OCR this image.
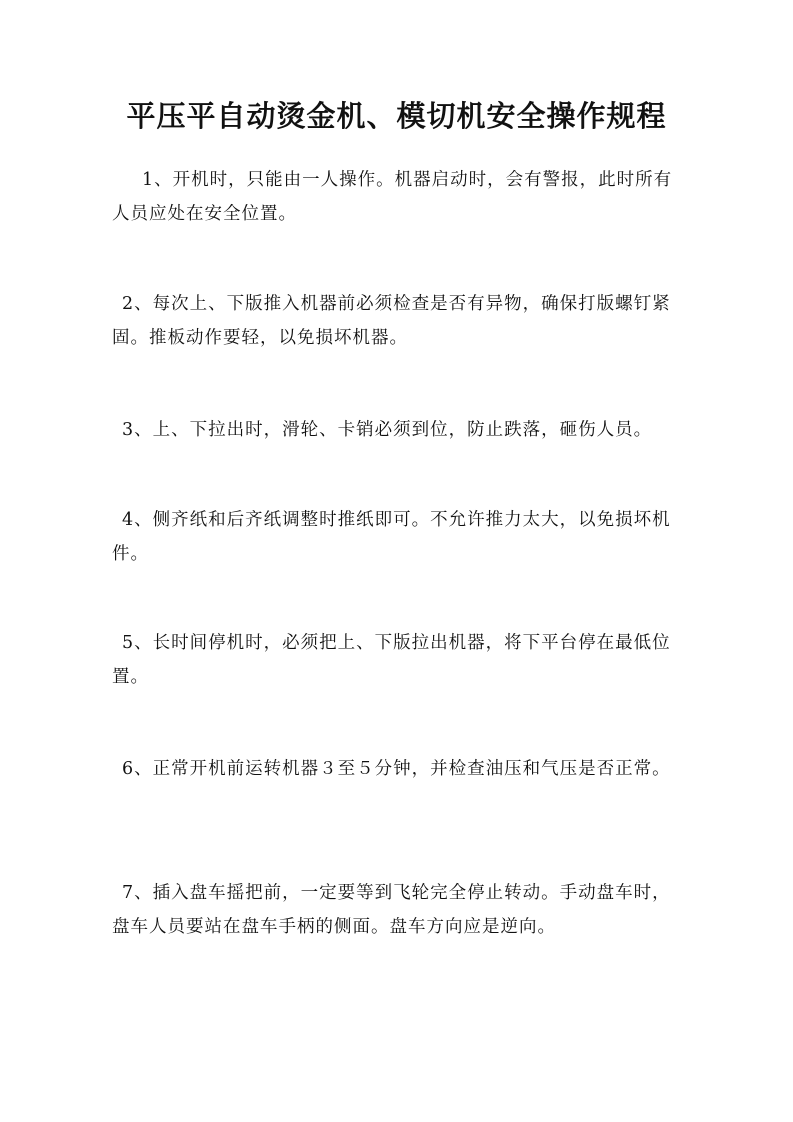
平压平自动烫金机、模切机安全操作规程
1、开机时，只能由一人操作。机器启动时，会有警报，此时所有人员应处在安全位置。
2、每次上、下版推入机器前必须检查是否有异物，确保打版螺钉紧固。推板动作要轻，以免损坏机器。
3、上、下拉出时，滑轮、卡销必须到位，防止跌落，砸伤人员。
4、侧齐纸和后齐纸调整时推纸即可。不允许推力太大，以免损坏机件。
5、长时间停机时，必须把上、下版拉出机器，将下平台停在最低位置。
6、正常开机前运转机器３至５分钟，并检查油压和气压是否正常。
7、插入盘车摇把前，一定要等到飞轮完全停止转动。手动盘车时，盘车人员要站在盘车手柄的侧面。盘车方向应是逆向。
